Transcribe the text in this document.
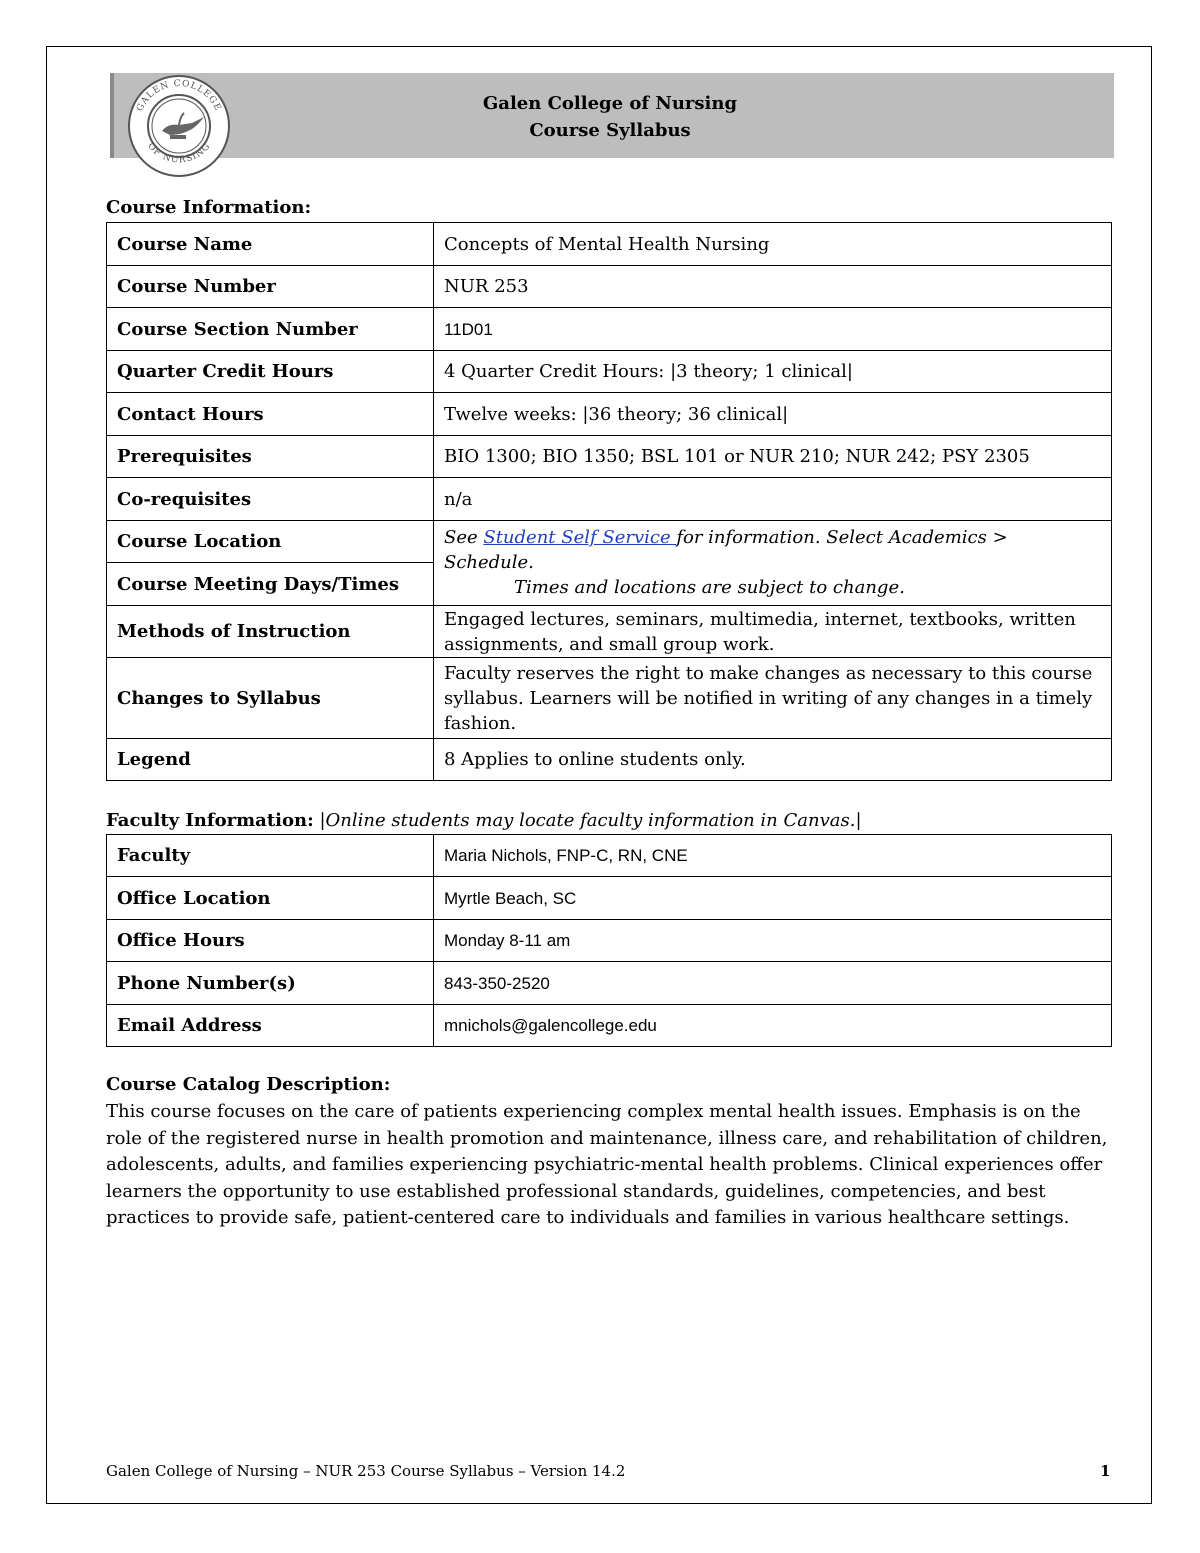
GALEN COLLEGE
OF NURSING
Galen College of Nursing
Course Syllabus
Course Information:
Course Name	Concepts of Mental Health Nursing
Course Number	NUR 253
Course Section Number	11D01
Quarter Credit Hours	4 Quarter Credit Hours: |3 theory; 1 clinical|
Contact Hours	Twelve weeks: |36 theory; 36 clinical|
Prerequisites	BIO 1300; BIO 1350; BSL 101 or NUR 210; NUR 242; PSY 2305
Co-requisites	n/a
Course Location	See Student Self Service for information. Select Academics > Schedule.
Times and locations are subject to change.
Course Meeting Days/Times	
Methods of Instruction	Engaged lectures, seminars, multimedia, internet, textbooks, written assignments, and small group work.
Changes to Syllabus	Faculty reserves the right to make changes as necessary to this course syllabus. Learners will be notified in writing of any changes in a timely fashion.
Legend	8 Applies to online students only.
Faculty Information: |Online students may locate faculty information in Canvas.|
Faculty	Maria Nichols, FNP-C, RN, CNE
Office Location	Myrtle Beach, SC
Office Hours	Monday 8-11 am
Phone Number(s)	843-350-2520
Email Address	mnichols@galencollege.edu
Course Catalog Description:
This course focuses on the care of patients experiencing complex mental health issues. Emphasis is on the role of the registered nurse in health promotion and maintenance, illness care, and rehabilitation of children, adolescents, adults, and families experiencing psychiatric-mental health problems. Clinical experiences offer learners the opportunity to use established professional standards, guidelines, competencies, and best practices to provide safe, patient-centered care to individuals and families in various healthcare settings.
Galen College of Nursing – NUR 253 Course Syllabus – Version 14.2	1
